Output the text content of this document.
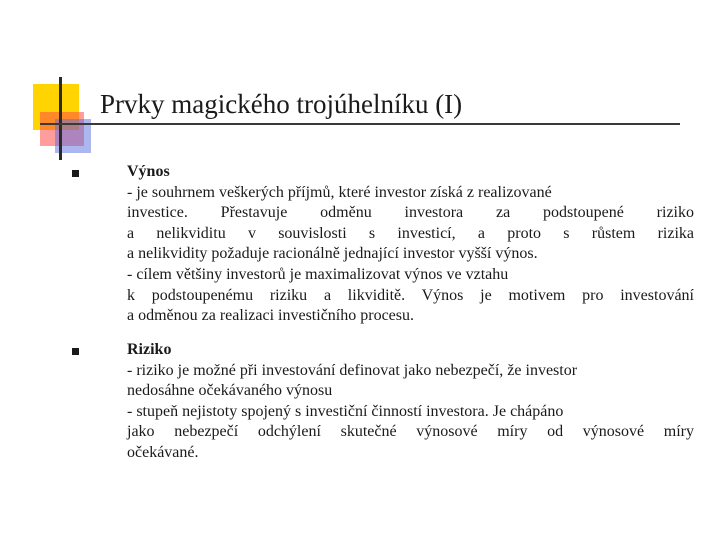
Prvky magického trojúhelníku (I)
Výnos
- je souhrnem veškerých příjmů, které investor získá z realizované
investice. Přestavuje odměnu investora za podstoupené riziko
a nelikviditu v souvislosti s investicí, a proto s růstem rizika
a nelikvidity požaduje racionálně jednající investor vyšší výnos.
- cílem většiny investorů je maximalizovat výnos ve vztahu
k podstoupenému riziku a likviditě. Výnos je motivem pro investování
a odměnou za realizaci investičního procesu.
Riziko
- riziko je možné při investování definovat jako nebezpečí, že investor
nedosáhne očekávaného výnosu
- stupeň nejistoty spojený s investiční činností investora. Je chápáno
jako nebezpečí odchýlení skutečné výnosové míry od výnosové míry
očekávané.
